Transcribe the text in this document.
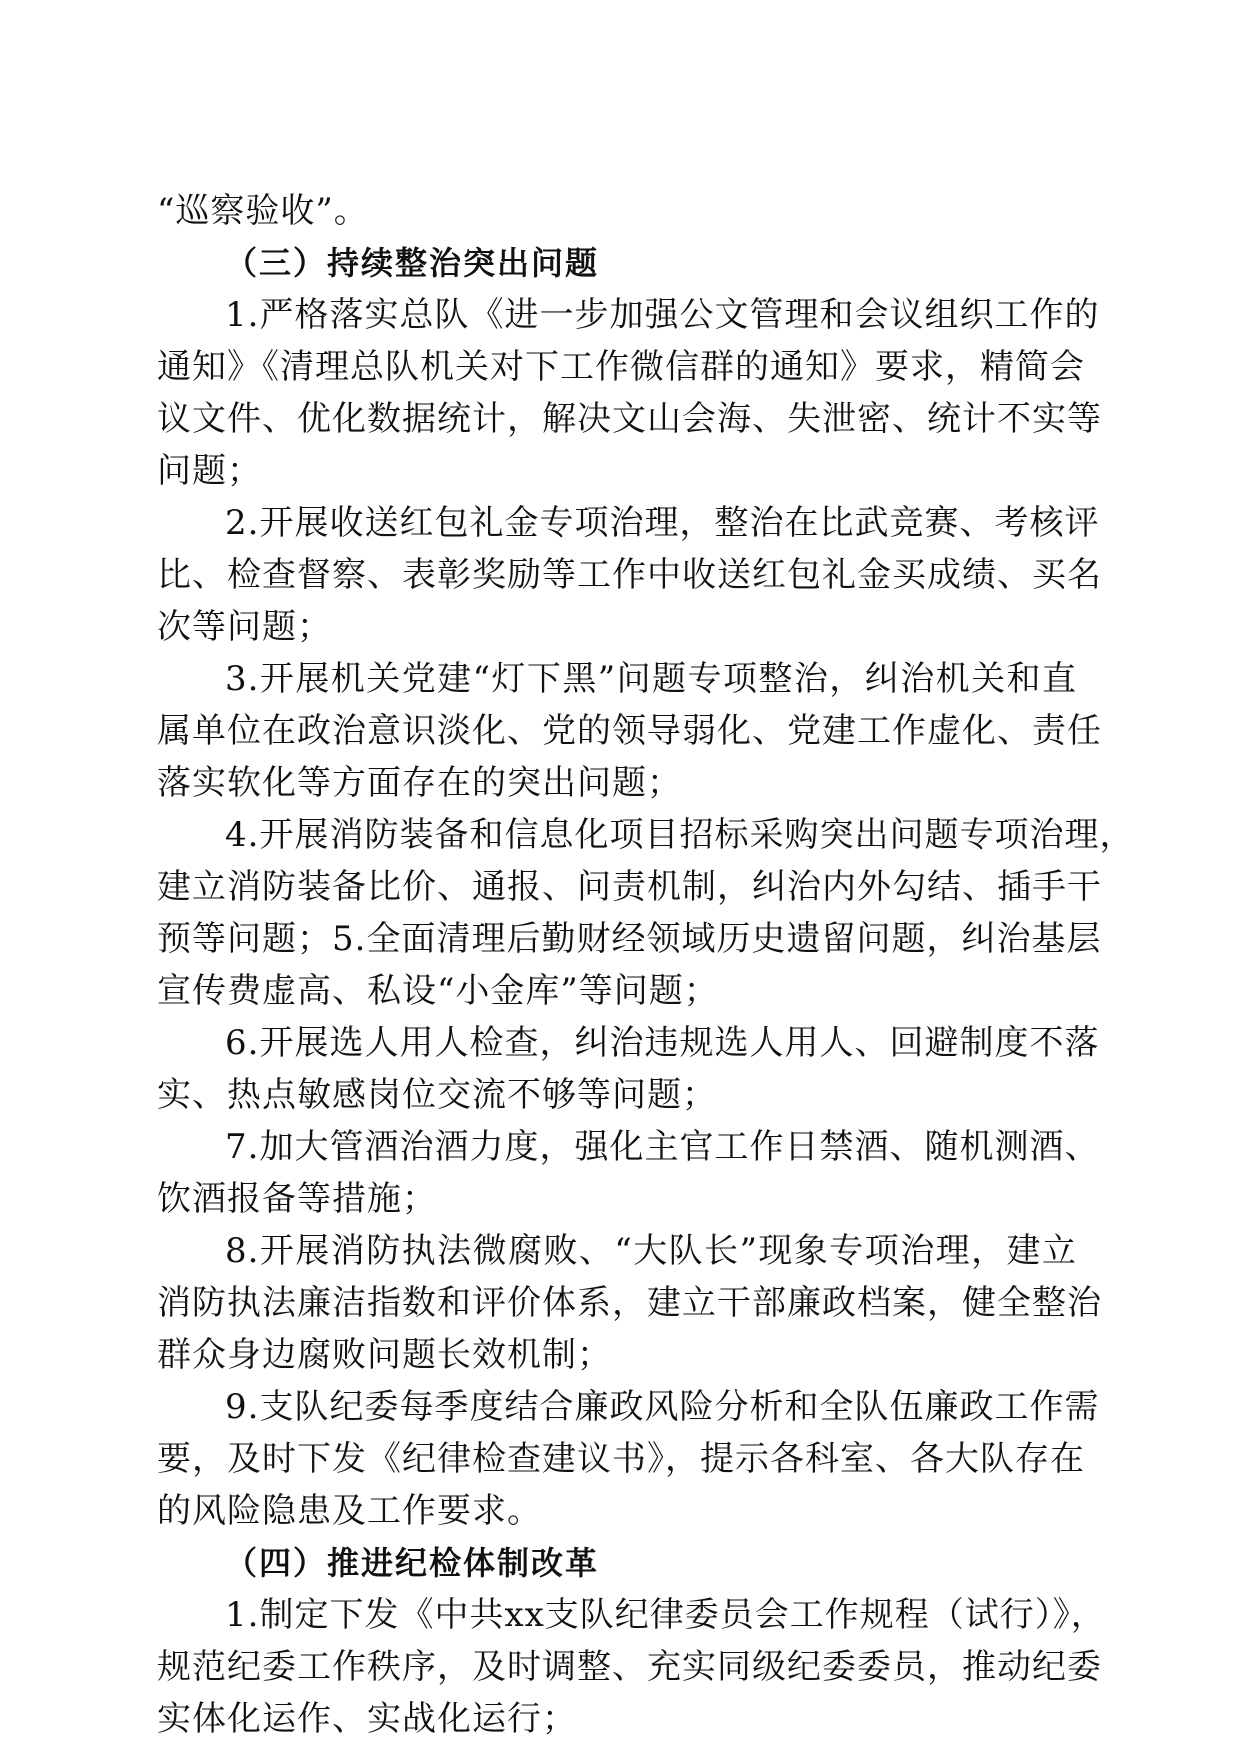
“巡察验收”。
（三）持续整治突出问题
1.严格落实总队《进一步加强公文管理和会议组织工作的
通知》《清理总队机关对下工作微信群的通知》要求，精简会
议文件、优化数据统计，解决文山会海、失泄密、统计不实等
问题；
2.开展收送红包礼金专项治理，整治在比武竞赛、考核评
比、检查督察、表彰奖励等工作中收送红包礼金买成绩、买名
次等问题；
3.开展机关党建“灯下黑”问题专项整治，纠治机关和直
属单位在政治意识淡化、党的领导弱化、党建工作虚化、责任
落实软化等方面存在的突出问题；
4.开展消防装备和信息化项目招标采购突出问题专项治理，
建立消防装备比价、通报、问责机制，纠治内外勾结、插手干
预等问题；5.全面清理后勤财经领域历史遗留问题，纠治基层
宣传费虚高、私设“小金库”等问题；
6.开展选人用人检查，纠治违规选人用人、回避制度不落
实、热点敏感岗位交流不够等问题；
7.加大管酒治酒力度，强化主官工作日禁酒、随机测酒、
饮酒报备等措施；
8.开展消防执法微腐败、“大队长”现象专项治理，建立
消防执法廉洁指数和评价体系，建立干部廉政档案，健全整治
群众身边腐败问题长效机制；
9.支队纪委每季度结合廉政风险分析和全队伍廉政工作需
要，及时下发《纪律检查建议书》，提示各科室、各大队存在
的风险隐患及工作要求。
（四）推进纪检体制改革
1.制定下发《中共xx支队纪律委员会工作规程（试行）》，
规范纪委工作秩序，及时调整、充实同级纪委委员，推动纪委
实体化运作、实战化运行；
